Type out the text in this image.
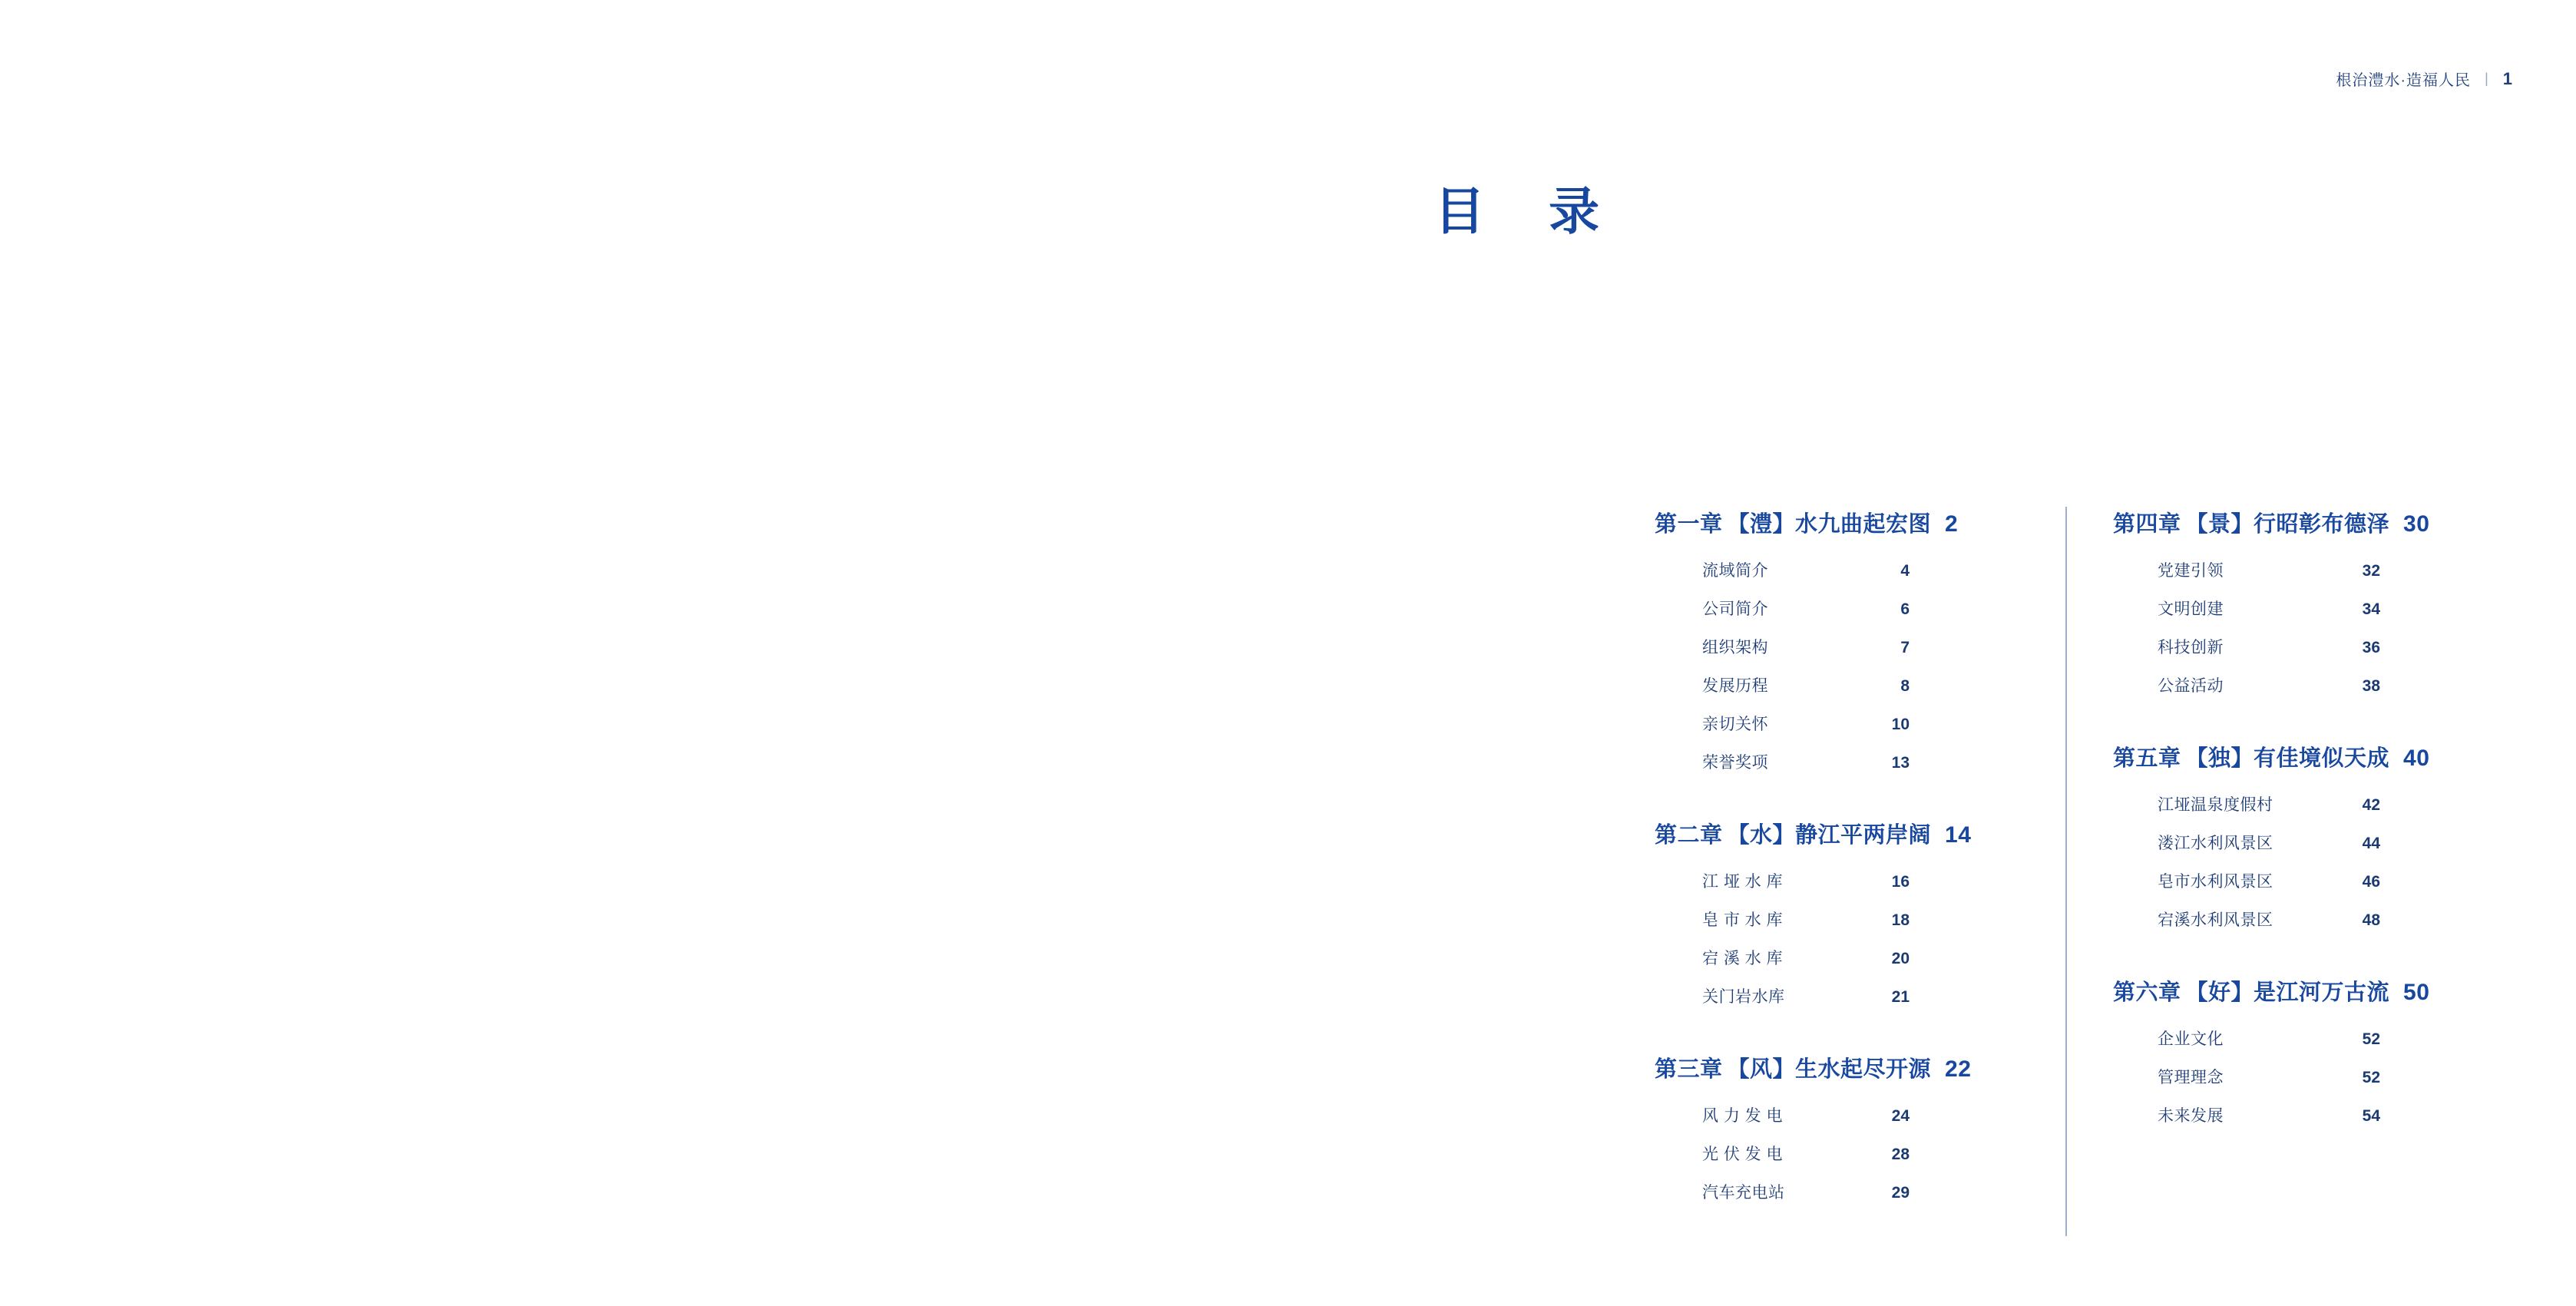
根治澧水·造福人民 | 1
目 录
第一章 【澧】水九曲起宏图 2
流域简介	4
公司简介	6
组织架构	7
发展历程	8
亲切关怀	10
荣誉奖项	13
第二章 【水】静江平两岸阔 14
江 垭 水 库	16
皂 市 水 库	18
宕 溪 水 库	20
关门岩水库	21
第三章 【风】生水起尽开源 22
风 力 发 电	24
光 伏 发 电	28
汽车充电站	29
第四章 【景】行昭彰布德泽 30
党建引领	32
文明创建	34
科技创新	36
公益活动	38
第五章 【独】有佳境似天成 40
江垭温泉度假村	42
溇江水利风景区	44
皂市水利风景区	46
宕溪水利风景区	48
第六章 【好】是江河万古流 50
企业文化	52
管理理念	52
未来发展	54
